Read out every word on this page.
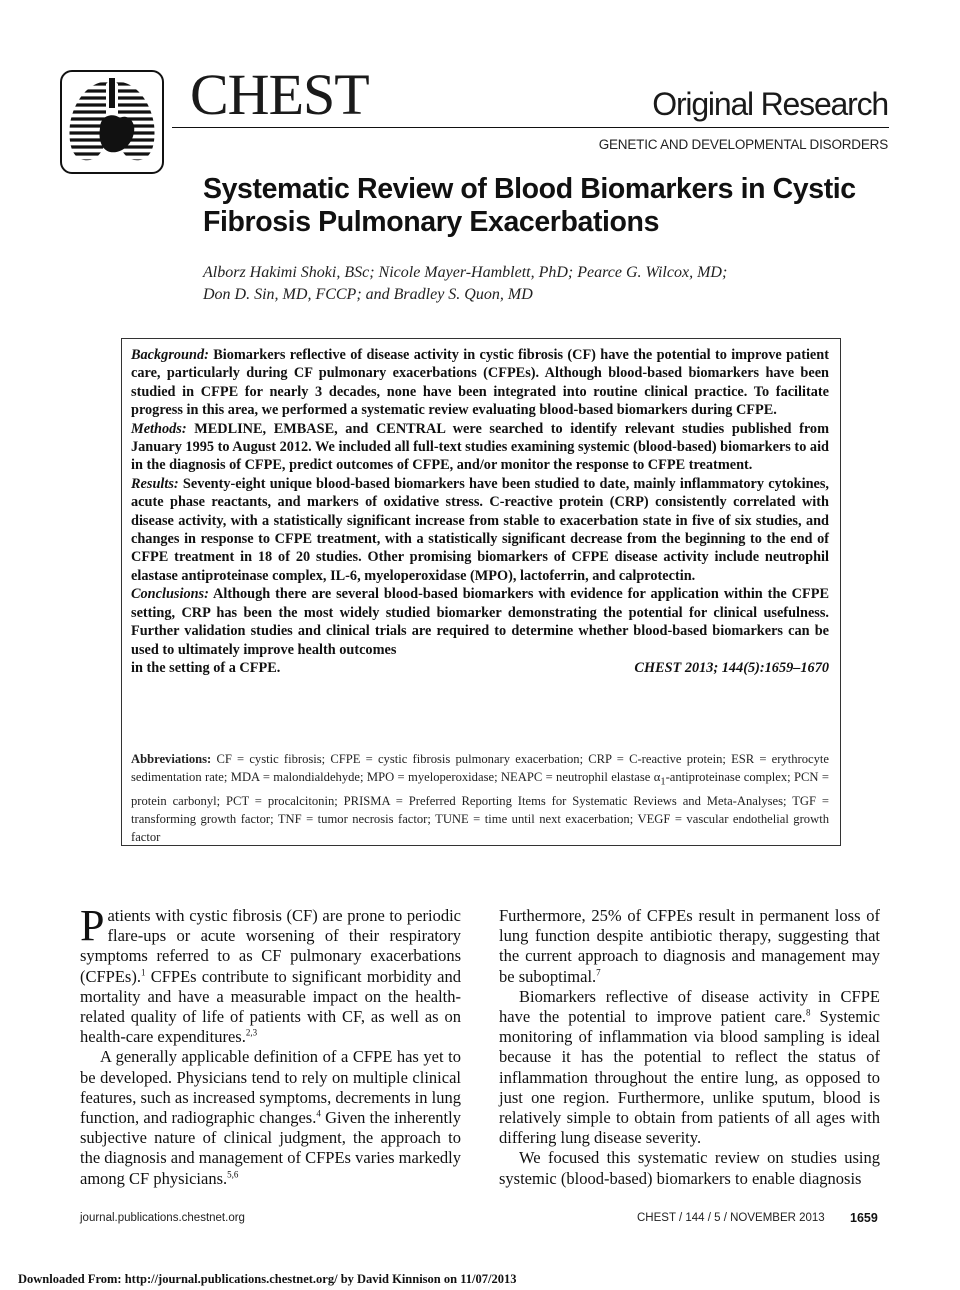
CHEST	Original Research
GENETIC AND DEVELOPMENTAL DISORDERS
Systematic Review of Blood Biomarkers in Cystic Fibrosis Pulmonary Exacerbations
Alborz Hakimi Shoki, BSc; Nicole Mayer-Hamblett, PhD; Pearce G. Wilcox, MD;
Don D. Sin, MD, FCCP; and Bradley S. Quon, MD

Background: Biomarkers reflective of disease activity in cystic fibrosis (CF) have the potential to improve patient care, particularly during CF pulmonary exacerbations (CFPEs). Although blood-based biomarkers have been studied in CFPE for nearly 3 decades, none have been integrated into routine clinical practice. To facilitate progress in this area, we performed a systematic review evaluating blood-based biomarkers during CFPE.

Methods: MEDLINE, EMBASE, and CENTRAL were searched to identify relevant studies published from January 1995 to August 2012. We included all full-text studies examining systemic (blood-based) biomarkers to aid in the diagnosis of CFPE, predict outcomes of CFPE, and/or monitor the response to CFPE treatment.

Results: Seventy-eight unique blood-based biomarkers have been studied to date, mainly inflammatory cytokines, acute phase reactants, and markers of oxidative stress. C-reactive protein (CRP) consistently correlated with disease activity, with a statistically significant increase from stable to exacerbation state in five of six studies, and changes in response to CFPE treatment, with a statistically significant decrease from the beginning to the end of CFPE treatment in 18 of 20 studies. Other promising biomarkers of CFPE disease activity include neutrophil elastase antiproteinase complex, IL-6, myeloperoxidase (MPO), lactoferrin, and calprotectin.

Conclusions: Although there are several blood-based biomarkers with evidence for application within the CFPE setting, CRP has been the most widely studied biomarker demonstrating the potential for clinical usefulness. Further validation studies and clinical trials are required to determine whether blood-based biomarkers can be used to ultimately improve health outcomes

in the setting of a CFPE.	CHEST 2013; 144(5):1659–1670
Abbreviations: CF = cystic fibrosis; CFPE = cystic fibrosis pulmonary exacerbation; CRP = C-reactive protein; ESR = erythrocyte sedimentation rate; MDA = malondialdehyde; MPO = myeloperoxidase; NEAPC = neutrophil elastase $\alpha_1$-antiproteinase complex; PCN = protein carbonyl; PCT = procalcitonin; PRISMA = Preferred Reporting Items for Systematic Reviews and Meta-Analyses; TGF = transforming growth factor; TNF = tumor necrosis factor; TUNE = time until next exacerbation; VEGF = vascular endothelial growth factor

Patients with cystic fibrosis (CF) are prone to periodic flare-ups or acute worsening of their respiratory symptoms referred to as CF pulmonary exacerbations (CFPEs).$^1$ CFPEs contribute to significant morbidity and mortality and have a measurable impact on the health-related quality of life of patients with CF, as well as on health-care expenditures.$^{2,3}$

A generally applicable definition of a CFPE has yet to be developed. Physicians tend to rely on multiple clinical features, such as increased symptoms, decrements in lung function, and radiographic changes.$^4$ Given the inherently subjective nature of clinical judgment, the approach to the diagnosis and management of CFPEs varies markedly among CF physicians.$^{5,6}$

Furthermore, 25% of CFPEs result in permanent loss of lung function despite antibiotic therapy, suggesting that the current approach to diagnosis and management may be suboptimal.$^7$

Biomarkers reflective of disease activity in CFPE have the potential to improve patient care.$^8$ Systemic monitoring of inflammation via blood sampling is ideal because it has the potential to reflect the status of inflammation throughout the entire lung, as opposed to just one region. Furthermore, unlike sputum, blood is relatively simple to obtain from patients of all ages with differing lung disease severity.

We focused this systematic review on studies using systemic (blood-based) biomarkers to enable diagnosis

journal.publications.chestnet.org	CHEST / 144 / 5 / NOVEMBER 2013 1659
Downloaded From: http://journal.publications.chestnet.org/ by David Kinnison on 11/07/2013
